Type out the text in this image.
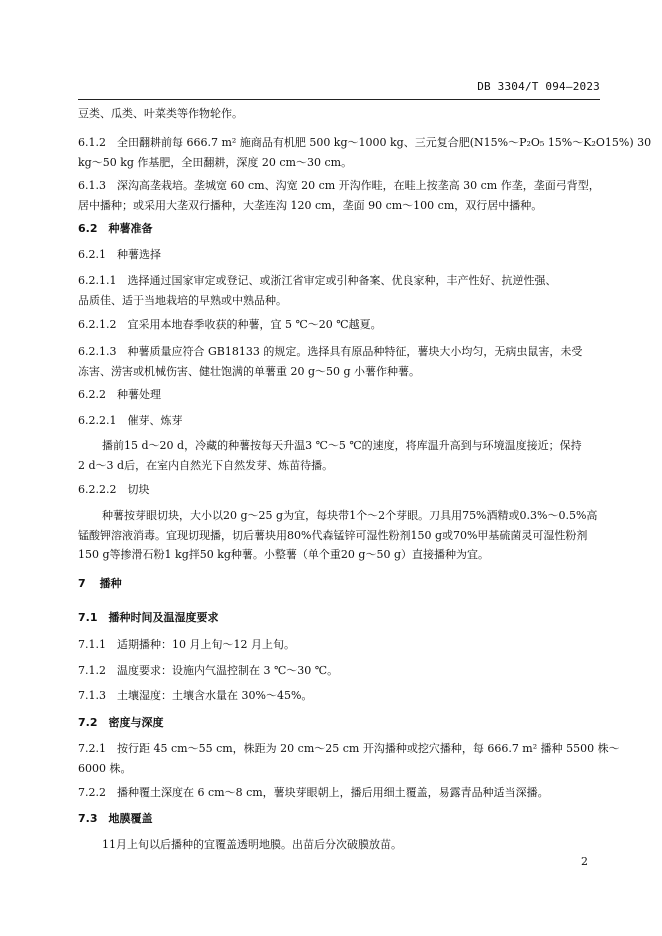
DB 3304/T 094—2023
豆类、瓜类、叶菜类等作物轮作。
6.1.2 全田翻耕前每 666.7 m² 施商品有机肥 500 kg～1000 kg、三元复合肥(N15%～P₂O₅ 15%～K₂O15%) 30
kg～50 kg 作基肥，全田翻耕，深度 20 cm～30 cm。
6.1.3 深沟高垄栽培。垄城宽 60 cm、沟宽 20 cm 开沟作畦，在畦上按垄高 30 cm 作垄，垄面弓背型，
居中播种；或采用大垄双行播种，大垄连沟 120 cm，垄面 90 cm～100 cm，双行居中播种。
6.2 种薯准备
6.2.1 种薯选择
6.2.1.1 选择通过国家审定或登记、或浙江省审定或引种备案、优良家种，丰产性好、抗逆性强、
品质佳、适于当地栽培的早熟或中熟品种。
6.2.1.2 宜采用本地春季收获的种薯，宜 5 ℃～20 ℃越夏。
6.2.1.3 种薯质量应符合 GB18133 的规定。选择具有原品种特征，薯块大小均匀，无病虫鼠害，未受
冻害、涝害或机械伤害、健壮饱满的单薯重 20 g～50 g 小薯作种薯。
6.2.2 种薯处理
6.2.2.1 催芽、炼芽
播前15 d～20 d，冷藏的种薯按每天升温3 ℃～5 ℃的速度，将库温升高到与环境温度接近；保持
2 d～3 d后，在室内自然光下自然发芽、炼苗待播。
6.2.2.2 切块
种薯按芽眼切块，大小以20 g～25 g为宜，每块带1个～2个芽眼。刀具用75%酒精或0.3%～0.5%高
锰酸钾溶液消毒。宜现切现播，切后薯块用80%代森锰锌可湿性粉剂150 g或70%甲基硫菌灵可湿性粉剂
150 g等掺滑石粉1 kg拌50 kg种薯。小整薯（单个重20 g～50 g）直接播种为宜。
7 播种
7.1 播种时间及温湿度要求
7.1.1 适期播种：10 月上旬～12 月上旬。
7.1.2 温度要求：设施内气温控制在 3 ℃～30 ℃。
7.1.3 土壤湿度：土壤含水量在 30%～45%。
7.2 密度与深度
7.2.1 按行距 45 cm～55 cm，株距为 20 cm～25 cm 开沟播种或挖穴播种，每 666.7 m² 播种 5500 株～
6000 株。
7.2.2 播种覆土深度在 6 cm～8 cm，薯块芽眼朝上，播后用细土覆盖，易露青品种适当深播。
7.3 地膜覆盖
11月上旬以后播种的宜覆盖透明地膜。出苗后分次破膜放苗。
2
